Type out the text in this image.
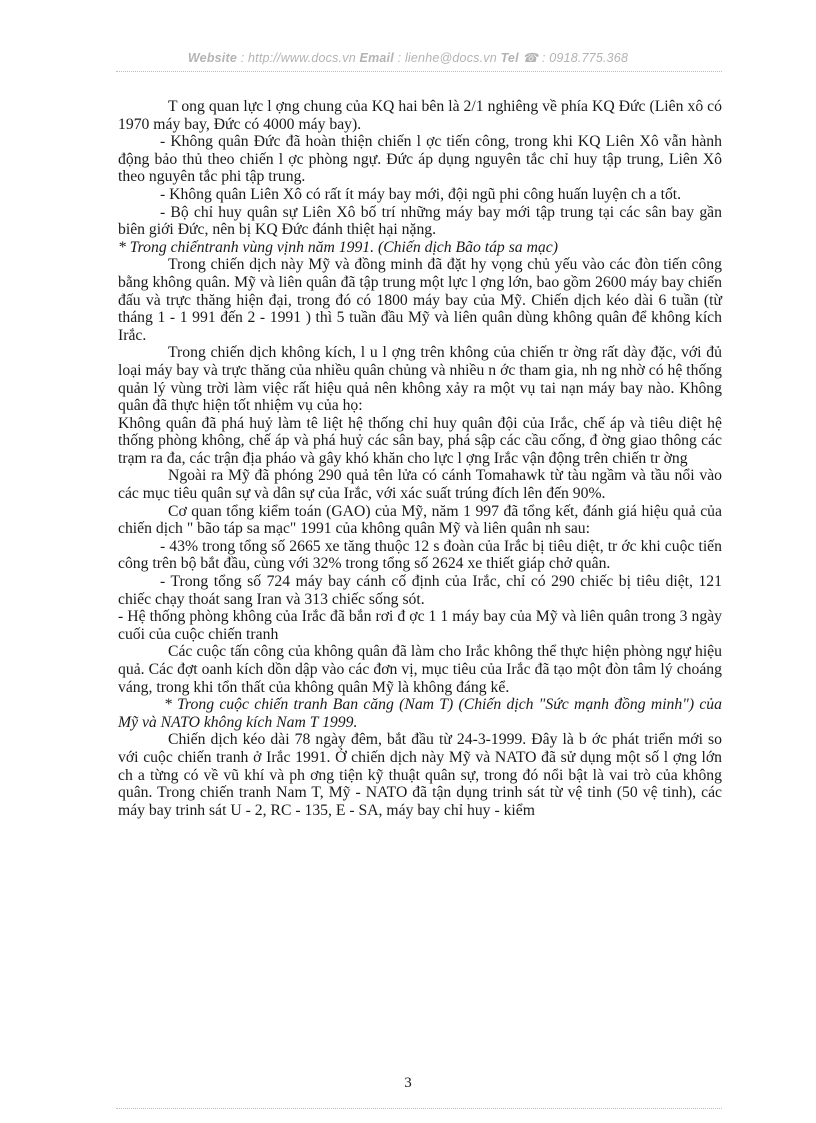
Website : http://www.docs.vn Email : lienhe@docs.vn Tel ☎ : 0918.775.368

T ong quan lực l ợng chung của KQ hai bên là 2/1 nghiêng về phía KQ Đức (Liên xô có 1970 máy bay, Đức có 4000 máy bay).

- Không quân Đức đã hoàn thiện chiến l ợc tiến công, trong khi KQ Liên Xô vẫn hành động bảo thủ theo chiến l ợc phòng ngự. Đức áp dụng nguyên tắc chỉ huy tập trung, Liên Xô theo nguyên tắc phi tập trung.

- Không quân Liên Xô có rất ít máy bay mới, đội ngũ phi công huấn luyện ch a tốt.

- Bộ chỉ huy quân sự Liên Xô bố trí những máy bay mới tập trung tại các sân bay gần biên giới Đức, nên bị KQ Đức đánh thiệt hại nặng.

* Trong chiếntranh vùng vịnh năm 1991. (Chiến dịch Bão táp sa mạc)

Trong chiến dịch này Mỹ và đồng minh đã đặt hy vọng chủ yếu vào các đòn tiến công bằng không quân. Mỹ và liên quân đã tập trung một lực l ợng lớn, bao gồm 2600 máy bay chiến đấu và trực thăng hiện đại, trong đó có 1800 máy bay của Mỹ. Chiến dịch kéo dài 6 tuần (từ tháng 1 - 1 991 đến 2 - 1991 ) thì 5 tuần đầu Mỹ và liên quân dùng không quân để không kích Irắc.

Trong chiến dịch không kích, l u l ợng trên không của chiến tr ờng rất dày đặc, với đủ loại máy bay và trực thăng của nhiều quân chủng và nhiều n ớc tham gia, nh ng nhờ có hệ thống quản lý vùng trời làm việc rất hiệu quả nên không xảy ra một vụ tai nạn máy bay nào. Không quân đã thực hiện tốt nhiệm vụ của họ:

Không quân đã phá huỷ làm tê liệt hệ thống chỉ huy quân đội của Irắc, chế áp và tiêu diệt hệ thống phòng không, chế áp và phá huỷ các sân bay, phá sập các cầu cống, đ ờng giao thông các trạm ra đa, các trận địa pháo và gây khó khăn cho lực l ợng Irắc vận động trên chiến tr ờng

Ngoài ra Mỹ đã phóng 290 quả tên lửa có cánh Tomahawk từ tàu ngầm và tầu nổi vào các mục tiêu quân sự và dân sự của Irắc, với xác suất trúng đích lên đến 90%.

Cơ quan tổng kiểm toán (GAO) của Mỹ, năm 1 997 đã tổng kết, đánh giá hiệu quả của chiến dịch " bão táp sa mạc" 1991 của không quân Mỹ và liên quân nh sau:

- 43% trong tổng số 2665 xe tăng thuộc 12 s đoàn của Irắc bị tiêu diệt, tr ớc khi cuộc tiến công trên bộ bắt đầu, cùng với 32% trong tổng số 2624 xe thiết giáp chở quân.

- Trong tổng số 724 máy bay cánh cố định của Irắc, chỉ có 290 chiếc bị tiêu diệt, 121 chiếc chạy thoát sang Iran và 313 chiếc sống sót.

- Hệ thống phòng không của Irắc đã bắn rơi đ ợc 1 1 máy bay của Mỹ và liên quân trong 3 ngày cuối của cuộc chiến tranh

Các cuộc tấn công của không quân đã làm cho Irắc không thể thực hiện phòng ngự hiệu quả. Các đợt oanh kích dồn dập vào các đơn vị, mục tiêu của Irắc đã tạo một đòn tâm lý choáng váng, trong khi tổn thất của không quân Mỹ là không đáng kể.

* Trong cuộc chiến tranh Ban căng (Nam T) (Chiến dịch "Sức mạnh đồng minh") của Mỹ và NATO không kích Nam T 1999.

Chiến dịch kéo dài 78 ngày đêm, bắt đầu từ 24-3-1999. Đây là b ớc phát triển mới so với cuộc chiến tranh ở Irắc 1991. Ở chiến dịch này Mỹ và NATO đã sử dụng một số l ợng lớn ch a từng có về vũ khí và ph ơng tiện kỹ thuật quân sự, trong đó nổi bật là vai trò của không quân. Trong chiến tranh Nam T, Mỹ - NATO đã tận dụng trinh sát từ vệ tinh (50 vệ tinh), các máy bay trinh sát U - 2, RC - 135, E - SA, máy bay chỉ huy - kiểm

3
